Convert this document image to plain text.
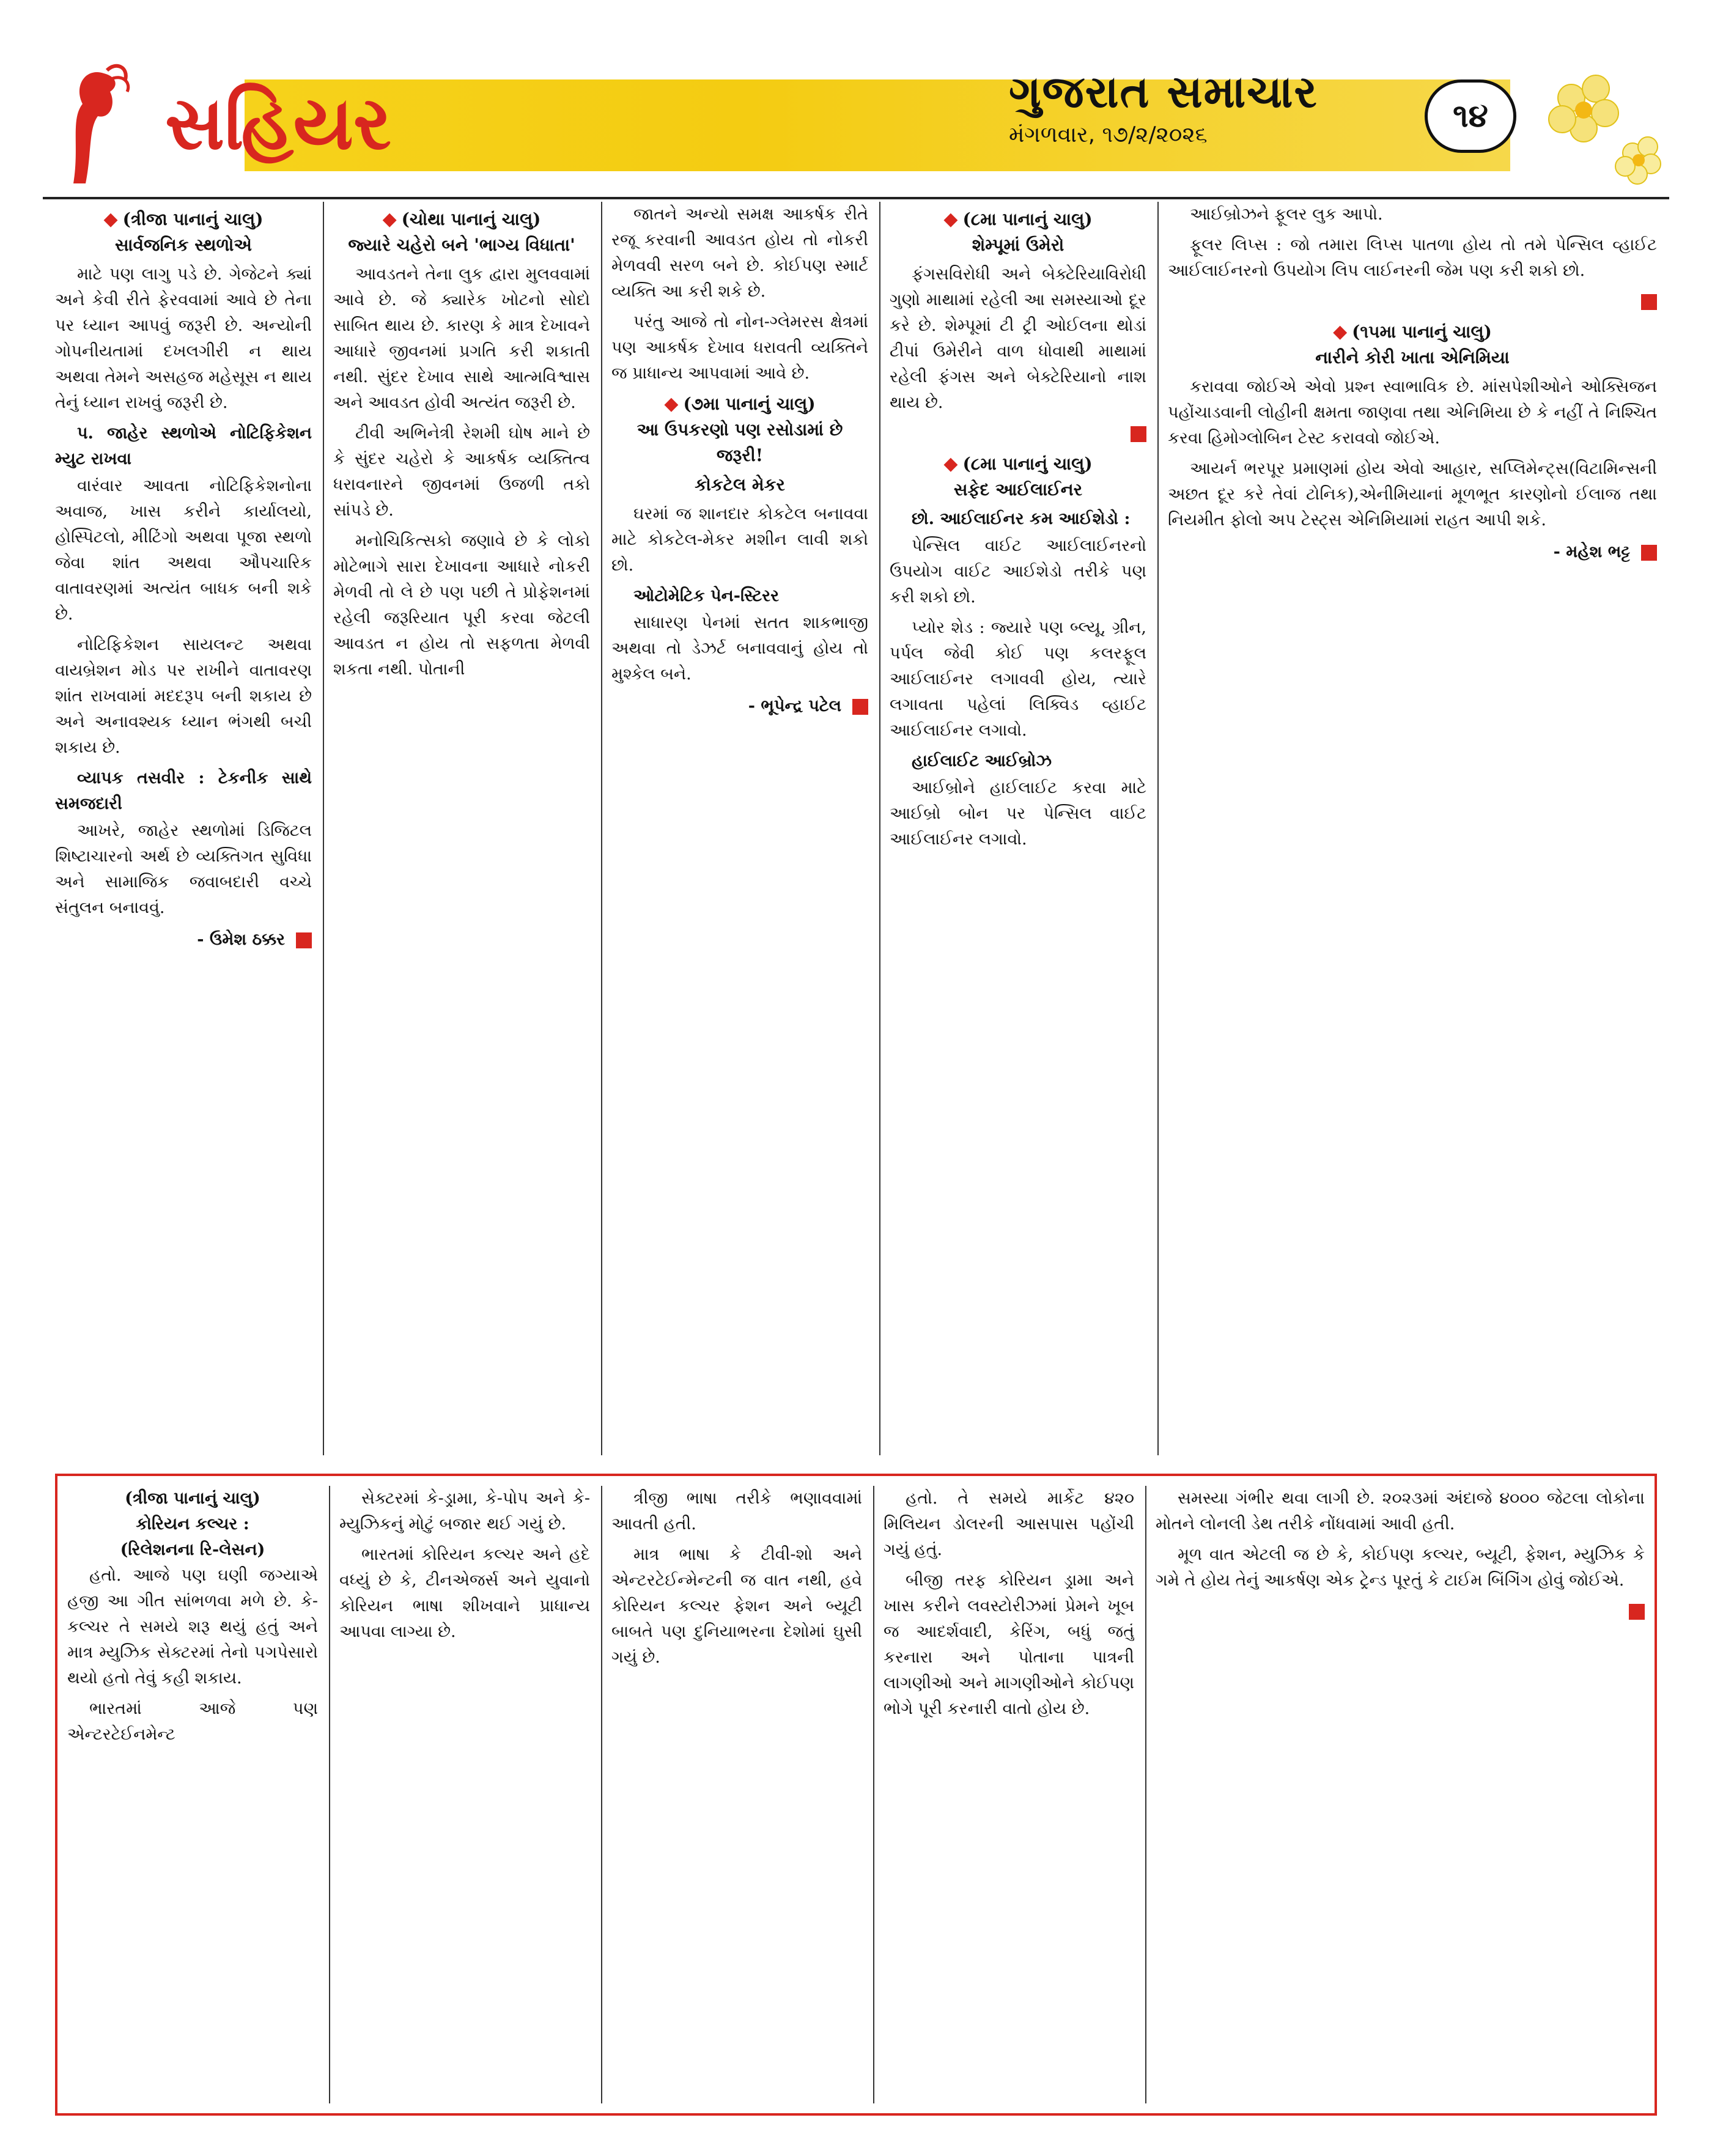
સહિયર	ગુજરાત સમાચાર
મંગળવાર, ૧૭/૨/૨૦૨૬
૧૪
◆ (ત્રીજા પાનાનું ચાલુ)
સાર્વજનિક સ્થળોએ

માટે પણ લાગુ પડે છે. ગેજેટને ક્યાં અને કેવી રીતે ફેરવવામાં આવે છે તેના પર ધ્યાન આપવું જરૂરી છે. અન્યોની ગોપનીયતામાં દખલગીરી ન થાય અથવા તેમને અસહજ મહેસૂસ ન થાય તેનું ધ્યાન રાખવું જરૂરી છે.

પ. જાહેર સ્થળોએ નોટિફિકેશન મ્યુટ રાખવા

વારંવાર આવતા નોટિફિકેશનોના અવાજ, ખાસ કરીને કાર્યાલયો, હોસ્પિટલો, મીટિંગો અથવા પૂજા સ્થળો જેવા શાંત અથવા ઔપચારિક વાતાવરણમાં અત્યંત બાધક બની શકે છે.

નોટિફિકેશન સાયલન્ટ અથવા વાયબ્રેશન મોડ પર રાખીને વાતાવરણ શાંત રાખવામાં મદદરૂપ બની શકાય છે અને અનાવશ્યક ધ્યાન ભંગથી બચી શકાય છે.

વ્યાપક તસવીર : ટેકનીક સાથે સમજદારી

આખરે, જાહેર સ્થળોમાં ડિજિટલ શિષ્ટાચારનો અર્થ છે વ્યક્તિગત સુવિધા અને સામાજિક જવાબદારી વચ્ચે સંતુલન બનાવવું.

- ઉમેશ ઠક્કર
◆ (ચોથા પાનાનું ચાલુ)
જ્યારે ચહેરો બને 'ભાગ્ય વિધાતા'

આવડતને તેના લુક દ્વારા મુલવવામાં આવે છે. જે ક્યારેક ખોટનો સોદો સાબિત થાય છે. કારણ કે માત્ર દેખાવને આધારે જીવનમાં પ્રગતિ કરી શકાતી નથી. સુંદર દેખાવ સાથે આત્મવિશ્વાસ અને આવડત હોવી અત્યંત જરૂરી છે.

ટીવી અભિનેત્રી રેશમી ઘોષ માને છે કે સુંદર ચહેરો કે આકર્ષક વ્યક્તિત્વ ધરાવનારને જીવનમાં ઉજળી તકો સાંપડે છે.

મનોચિકિત્સકો જણાવે છે કે લોકો મોટેભાગે સારા દેખાવના આધારે નોકરી મેળવી તો લે છે પણ પછી તે પ્રોફેશનમાં રહેલી જરૂરિયાત પૂરી કરવા જેટલી આવડત ન હોય તો સફળતા મેળવી શકતા નથી. પોતાની

જાતને અન્યો સમક્ષ આકર્ષક રીતે રજૂ કરવાની આવડત હોય તો નોકરી મેળવવી સરળ બને છે. કોઈપણ સ્માર્ટ વ્યક્તિ આ કરી શકે છે.

પરંતુ આજે તો નોન-ગ્લેમરસ ક્ષેત્રમાં પણ આકર્ષક દેખાવ ધરાવતી વ્યક્તિને જ પ્રાધાન્ય આપવામાં આવે છે.

◆ (૭મા પાનાનું ચાલુ)
આ ઉપકરણો પણ રસોડામાં છે જરૂરી!
કોકટેલ મેકર

ઘરમાં જ શાનદાર કોકટેલ બનાવવા માટે કોકટેલ-મેકર મશીન લાવી શકો છો.

ઓટોમેટિક પેન-સ્ટિરર

સાધારણ પેનમાં સતત શાકભાજી અથવા તો ડેઝર્ટ બનાવવાનું હોય તો મુશ્કેલ બને.

- ભૂપેન્દ્ર પટેલ
◆ (૮મા પાનાનું ચાલુ)
શેમ્પૂમાં ઉમેરો

ફંગસવિરોધી અને બેક્ટેરિયાવિરોધી ગુણો માથામાં રહેલી આ સમસ્યાઓ દૂર કરે છે. શેમ્પૂમાં ટી ટ્રી ઓઈલના થોડાં ટીપાં ઉમેરીને વાળ ધોવાથી માથામાં રહેલી ફંગસ અને બેક્ટેરિયાનો નાશ થાય છે.

◆ (૮મા પાનાનું ચાલુ)
સફેદ આઈલાઈનર
છો. આઈલાઈનર કમ આઈશેડો :

પેન્સિલ વાઈટ આઈલાઈનરનો ઉપયોગ વાઈટ આઈશેડો તરીકે પણ કરી શકો છો.

પ્યોર શેડ : જ્યારે પણ બ્લ્યૂ, ગ્રીન, પર્પલ જેવી કોઈ પણ કલરફૂલ આઈલાઈનર લગાવવી હોય, ત્યારે લગાવતા પહેલાં લિક્વિડ વ્હાઈટ આઈલાઈનર લગાવો.

હાઈલાઈટ આઈબ્રોઝ

આઈબ્રોને હાઈલાઈટ કરવા માટે આઈબ્રો બોન પર પેન્સિલ વાઈટ આઈલાઈનર લગાવો.

આઈબ્રોઝને ફૂલર લુક આપો.

ફૂલર લિપ્સ : જો તમારા લિપ્સ પાતળા હોય તો તમે પેન્સિલ વ્હાઈટ આઈલાઈનરનો ઉપયોગ લિપ લાઈનરની જેમ પણ કરી શકો છો.

◆ (૧૫મા પાનાનું ચાલુ)
નારીને કોરી ખાતા એનિમિયા

કરાવવા જોઈએ એવો પ્રશ્ન સ્વાભાવિક છે. માંસપેશીઓને ઓક્સિજન પહોંચાડવાની લોહીની ક્ષમતા જાણવા તથા એનિમિયા છે કે નહીં તે નિશ્ચિત કરવા હિમોગ્લોબિન ટેસ્ટ કરાવવો જોઈએ.

આયર્ન ભરપૂર પ્રમાણમાં હોય એવો આહાર, સપ્લિમેન્ટ્સ(વિટામિન્સની અછત દૂર કરે તેવાં ટોનિક),એનીમિયાનાં મૂળભૂત કારણોનો ઈલાજ તથા નિયમીત ફોલો અપ ટેસ્ટ્સ એનિમિયામાં રાહત આપી શકે.

- મહેશ ભટ્ટ
(ત્રીજા પાનાનું ચાલુ)
કોરિયન કલ્ચર :
(રિલેશનના રિ-લેસન)

હતો. આજે પણ ઘણી જગ્યાએ હજી આ ગીત સાંભળવા મળે છે. કે-કલ્ચર તે સમયે શરૂ થયું હતું અને માત્ર મ્યુઝિક સેક્ટરમાં તેનો પગપેસારો થયો હતો તેવું કહી શકાય.

ભારતમાં આજે પણ એન્ટરટેઈનમેન્ટ

સેક્ટરમાં કે-ડ્રામા, કે-પોપ અને કે-મ્યુઝિકનું મોટું બજાર થઈ ગયું છે.

ભારતમાં કોરિયન કલ્ચર અને હદે વધ્યું છે કે, ટીનએજર્સ અને યુવાનો કોરિયન ભાષા શીખવાને પ્રાધાન્ય આપવા લાગ્યા છે.

ત્રીજી ભાષા તરીકે ભણાવવામાં આવતી હતી.

માત્ર ભાષા કે ટીવી-શો અને એન્ટરટેઈન્મેન્ટની જ વાત નથી, હવે કોરિયન કલ્ચર ફેશન અને બ્યૂટી બાબતે પણ દુનિયાભરના દેશોમાં ઘુસી ગયું છે.

હતો. તે સમયે માર્કેટ ૪૨૦ મિલિયન ડોલરની આસપાસ પહોંચી ગયું હતું.

બીજી તરફ કોરિયન ડ્રામા અને ખાસ કરીને લવસ્ટોરીઝમાં પ્રેમને ખૂબ જ આદર્શવાદી, કેરિંગ, બધું જતું કરનારા અને પોતાના પાત્રની લાગણીઓ અને માગણીઓને કોઈપણ ભોગે પૂરી કરનારી વાતો હોય છે.

સમસ્યા ગંભીર થવા લાગી છે. ૨૦૨૩માં અંદાજે ૪૦૦૦ જેટલા લોકોના મોતને લોનલી ડેથ તરીકે નોંધવામાં આવી હતી.

મૂળ વાત એટલી જ છે કે, કોઈપણ કલ્ચર, બ્યૂટી, ફેશન, મ્યુઝિક કે ગમે તે હોય તેનું આકર્ષણ એક ટ્રેન્ડ પૂરતું કે ટાઈમ બિંગિંગ હોવું જોઈએ.
